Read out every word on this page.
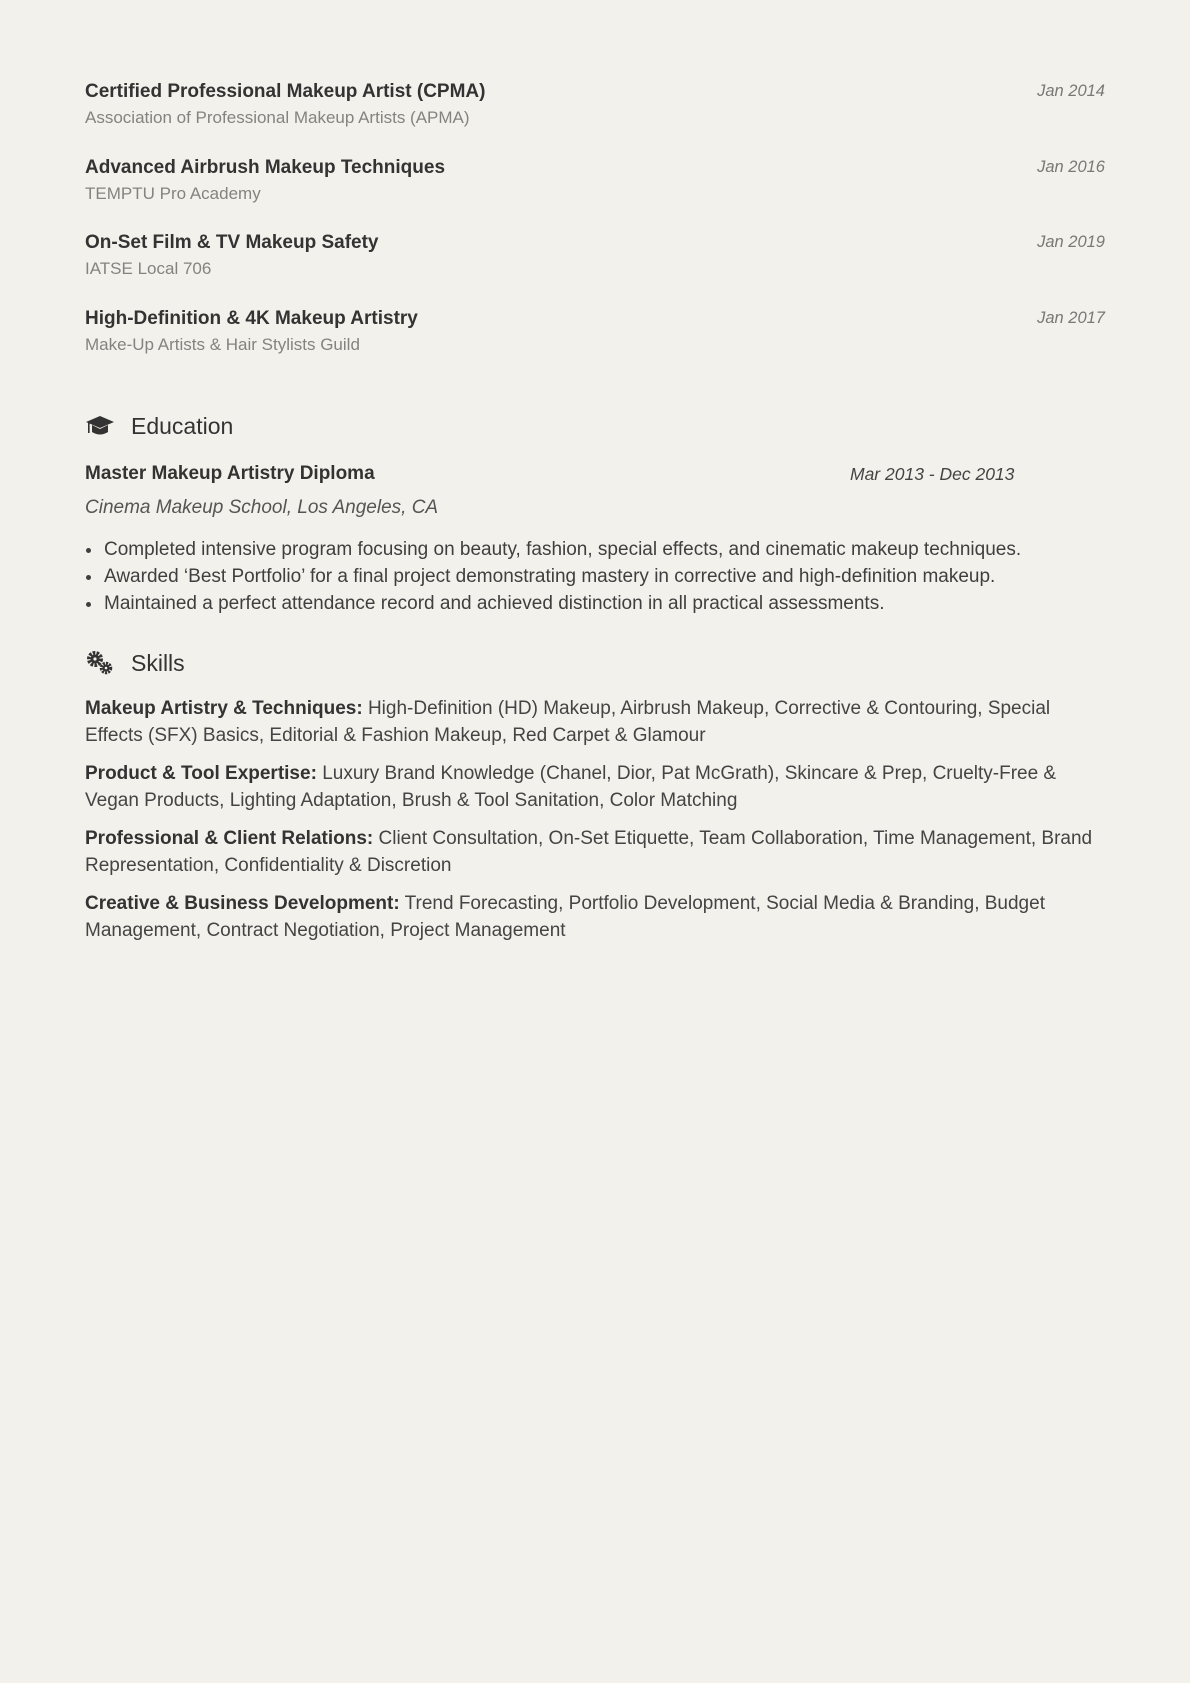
Certified Professional Makeup Artist (CPMA)
Association of Professional Makeup Artists (APMA)
Jan 2014
Advanced Airbrush Makeup Techniques
TEMPTU Pro Academy
Jan 2016
On-Set Film & TV Makeup Safety
IATSE Local 706
Jan 2019
High-Definition & 4K Makeup Artistry
Make-Up Artists & Hair Stylists Guild
Jan 2017
Education
Master Makeup Artistry Diploma	Mar 2013 - Dec 2013
Cinema Makeup School, Los Angeles, CA
• Completed intensive program focusing on beauty, fashion, special effects, and cinematic makeup techniques.
• Awarded ‘Best Portfolio’ for a final project demonstrating mastery in corrective and high-definition makeup.
• Maintained a perfect attendance record and achieved distinction in all practical assessments.
Skills
Makeup Artistry & Techniques: High-Definition (HD) Makeup, Airbrush Makeup, Corrective & Contouring, Special Effects (SFX) Basics, Editorial & Fashion Makeup, Red Carpet & Glamour
Product & Tool Expertise: Luxury Brand Knowledge (Chanel, Dior, Pat McGrath), Skincare & Prep, Cruelty-Free & Vegan Products, Lighting Adaptation, Brush & Tool Sanitation, Color Matching
Professional & Client Relations: Client Consultation, On-Set Etiquette, Team Collaboration, Time Management, Brand Representation, Confidentiality & Discretion
Creative & Business Development: Trend Forecasting, Portfolio Development, Social Media & Branding, Budget Management, Contract Negotiation, Project Management
